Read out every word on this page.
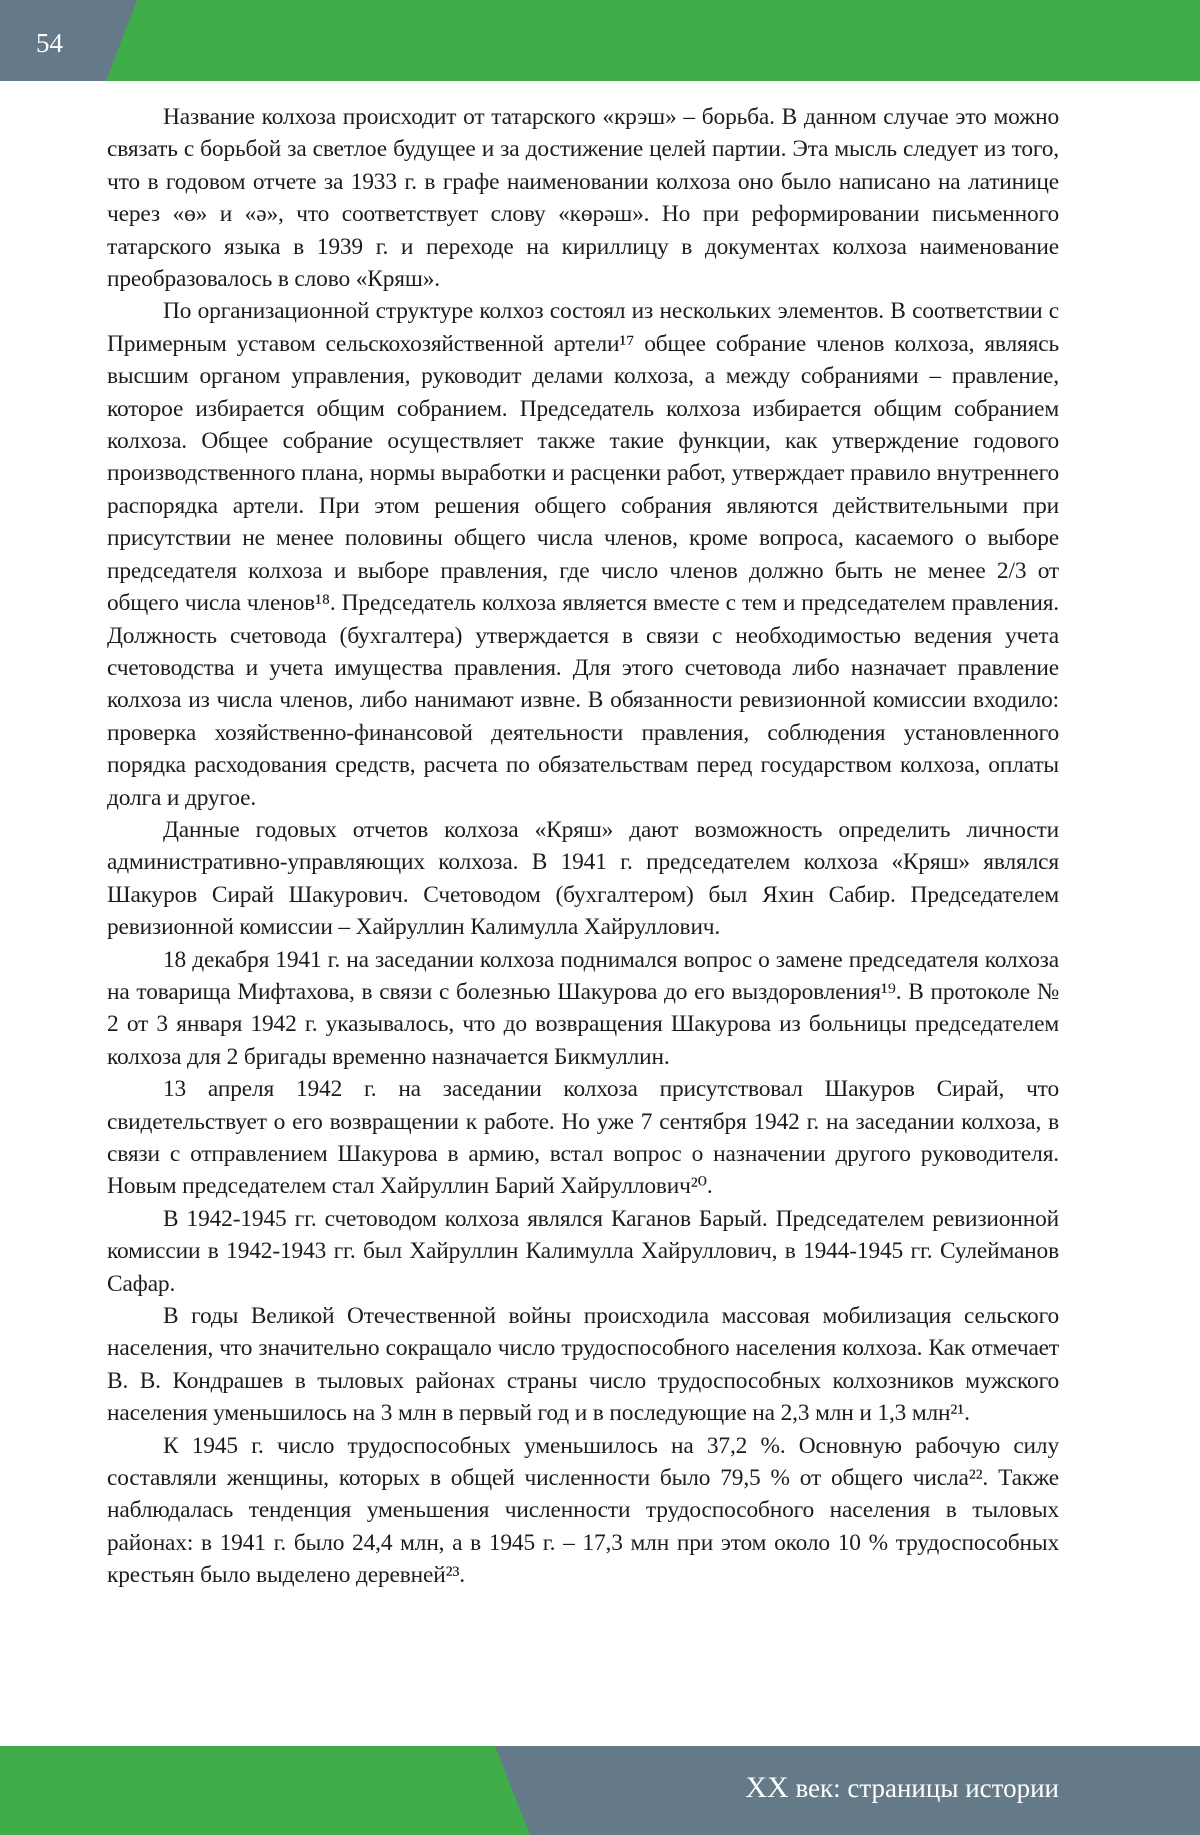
54

Название колхоза происходит от татарского «крэш» – борьба. В данном случае это можно связать с борьбой за светлое будущее и за достижение целей партии. Эта мысль следует из того, что в годовом отчете за 1933 г. в графе наименовании колхоза оно было написано на латинице через «ө» и «ә», что соответствует слову «көрәш». Но при реформировании письменного татарского языка в 1939 г. и переходе на кириллицу в документах колхоза наименование преобразовалось в слово «Кряш».

По организационной структуре колхоз состоял из нескольких элементов. В соответствии с Примерным уставом сельскохозяйственной артели¹⁷ общее собрание членов колхоза, являясь высшим органом управления, руководит делами колхоза, а между собраниями – правление, которое избирается общим собранием. Председатель колхоза избирается общим собранием колхоза. Общее собрание осуществляет также такие функции, как утверждение годового производственного плана, нормы выработки и расценки работ, утверждает правило внутреннего распорядка артели. При этом решения общего собрания являются действительными при присутствии не менее половины общего числа членов, кроме вопроса, касаемого о выборе председателя колхоза и выборе правления, где число членов должно быть не менее 2/3 от общего числа членов¹⁸. Председатель колхоза является вместе с тем и председателем правления. Должность счетовода (бухгалтера) утверждается в связи с необходимостью ведения учета счетоводства и учета имущества правления. Для этого счетовода либо назначает правление колхоза из числа членов, либо нанимают извне. В обязанности ревизионной комиссии входило: проверка хозяйственно-финансовой деятельности правления, соблюдения установленного порядка расходования средств, расчета по обязательствам перед государством колхоза, оплаты долга и другое.

Данные годовых отчетов колхоза «Кряш» дают возможность определить личности административно-управляющих колхоза. В 1941 г. председателем колхоза «Кряш» являлся Шакуров Сирай Шакурович. Счетоводом (бухгалтером) был Яхин Сабир. Председателем ревизионной комиссии – Хайруллин Калимулла Хайруллович.

18 декабря 1941 г. на заседании колхоза поднимался вопрос о замене председателя колхоза на товарища Мифтахова, в связи с болезнью Шакурова до его выздоровления¹⁹. В протоколе № 2 от 3 января 1942 г. указывалось, что до возвращения Шакурова из больницы председателем колхоза для 2 бригады временно назначается Бикмуллин.

13 апреля 1942 г. на заседании колхоза присутствовал Шакуров Сирай, что свидетельствует о его возвращении к работе. Но уже 7 сентября 1942 г. на заседании колхоза, в связи с отправлением Шакурова в армию, встал вопрос о назначении другого руководителя. Новым председателем стал Хайруллин Барий Хайруллович²⁰.

В 1942-1945 гг. счетоводом колхоза являлся Каганов Барый. Председателем ревизионной комиссии в 1942-1943 гг. был Хайруллин Калимулла Хайруллович, в 1944-1945 гг. Сулейманов Сафар.

В годы Великой Отечественной войны происходила массовая мобилизация сельского населения, что значительно сокращало число трудоспособного населения колхоза. Как отмечает В. В. Кондрашев в тыловых районах страны число трудоспособных колхозников мужского населения уменьшилось на 3 млн в первый год и в последующие на 2,3 млн и 1,3 млн²¹.

К 1945 г. число трудоспособных уменьшилось на 37,2 %. Основную рабочую силу составляли женщины, которых в общей численности было 79,5 % от общего числа²². Также наблюдалась тенденция уменьшения численности трудоспособного населения в тыловых районах: в 1941 г. было 24,4 млн, а в 1945 г. – 17,3 млн при этом около 10 % трудоспособных крестьян было выделено деревней²³.

XX век: страницы истории
